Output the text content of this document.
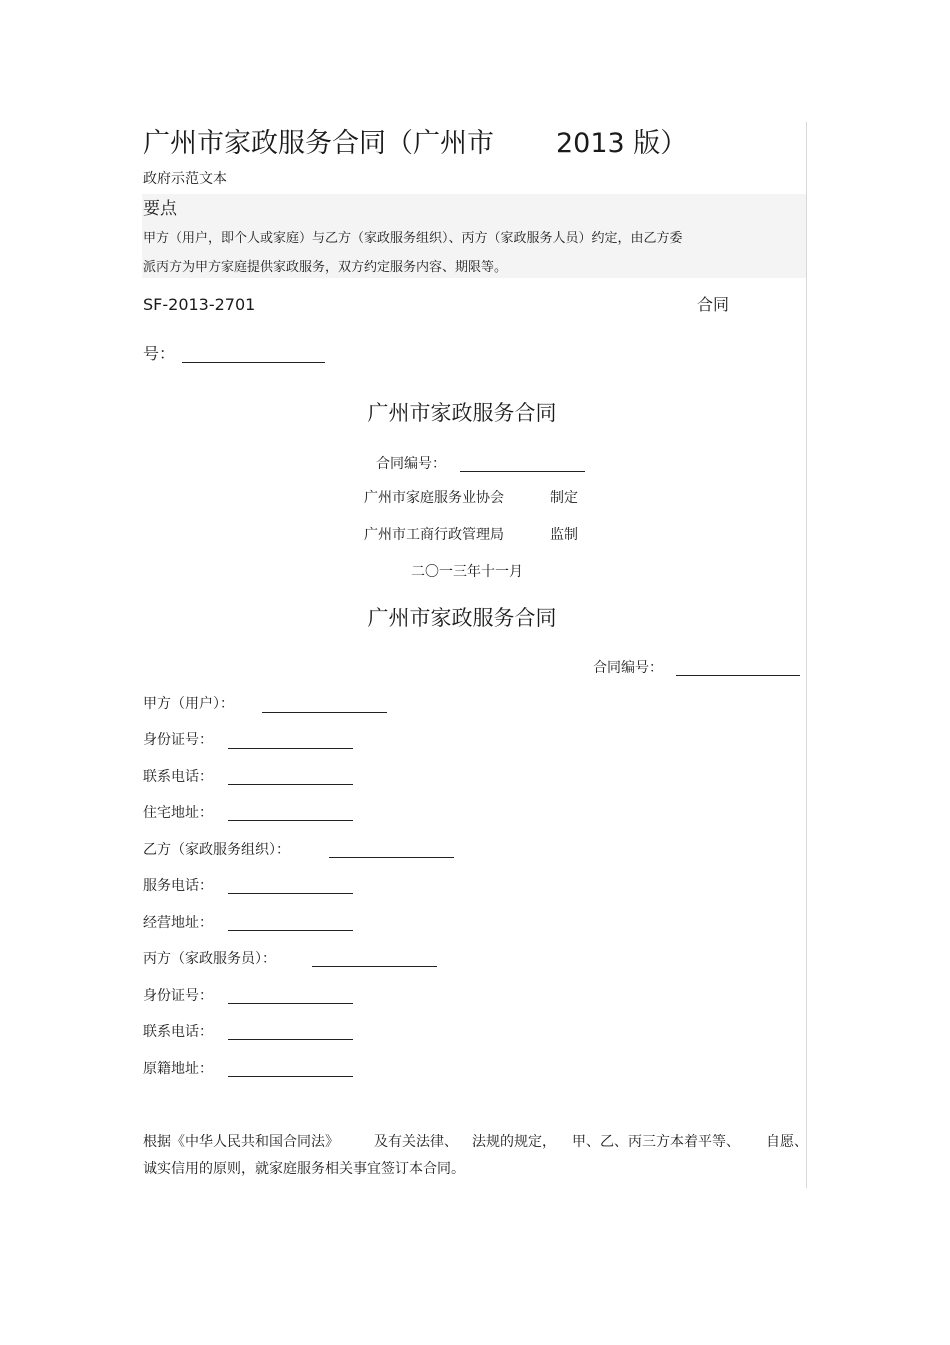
广州市家政服务合同（广州市 2013 版）
政府示范文本
要点
甲方（用户，即个人或家庭）与乙方（家政服务组织）、丙方（家政服务人员）约定，由乙方委
派丙方为甲方家庭提供家政服务，双方约定服务内容、期限等。
SF-2013-2701	合同
号：
广州市家政服务合同
合同编号：
广州市家庭服务业协会	制定
广州市工商行政管理局	监制
二〇一三年十一月
广州市家政服务合同
合同编号：
甲方（用户）：
身份证号：
联系电话：
住宅地址：
乙方（家政服务组织）：
服务电话：
经营地址：
丙方（家政服务员）：
身份证号：
联系电话：
原籍地址：
根据《中华人民共和国合同法》	及有关法律、 法规的规定， 甲、乙、丙三方本着平等、 自愿、
诚实信用的原则，就家庭服务相关事宜签订本合同。
